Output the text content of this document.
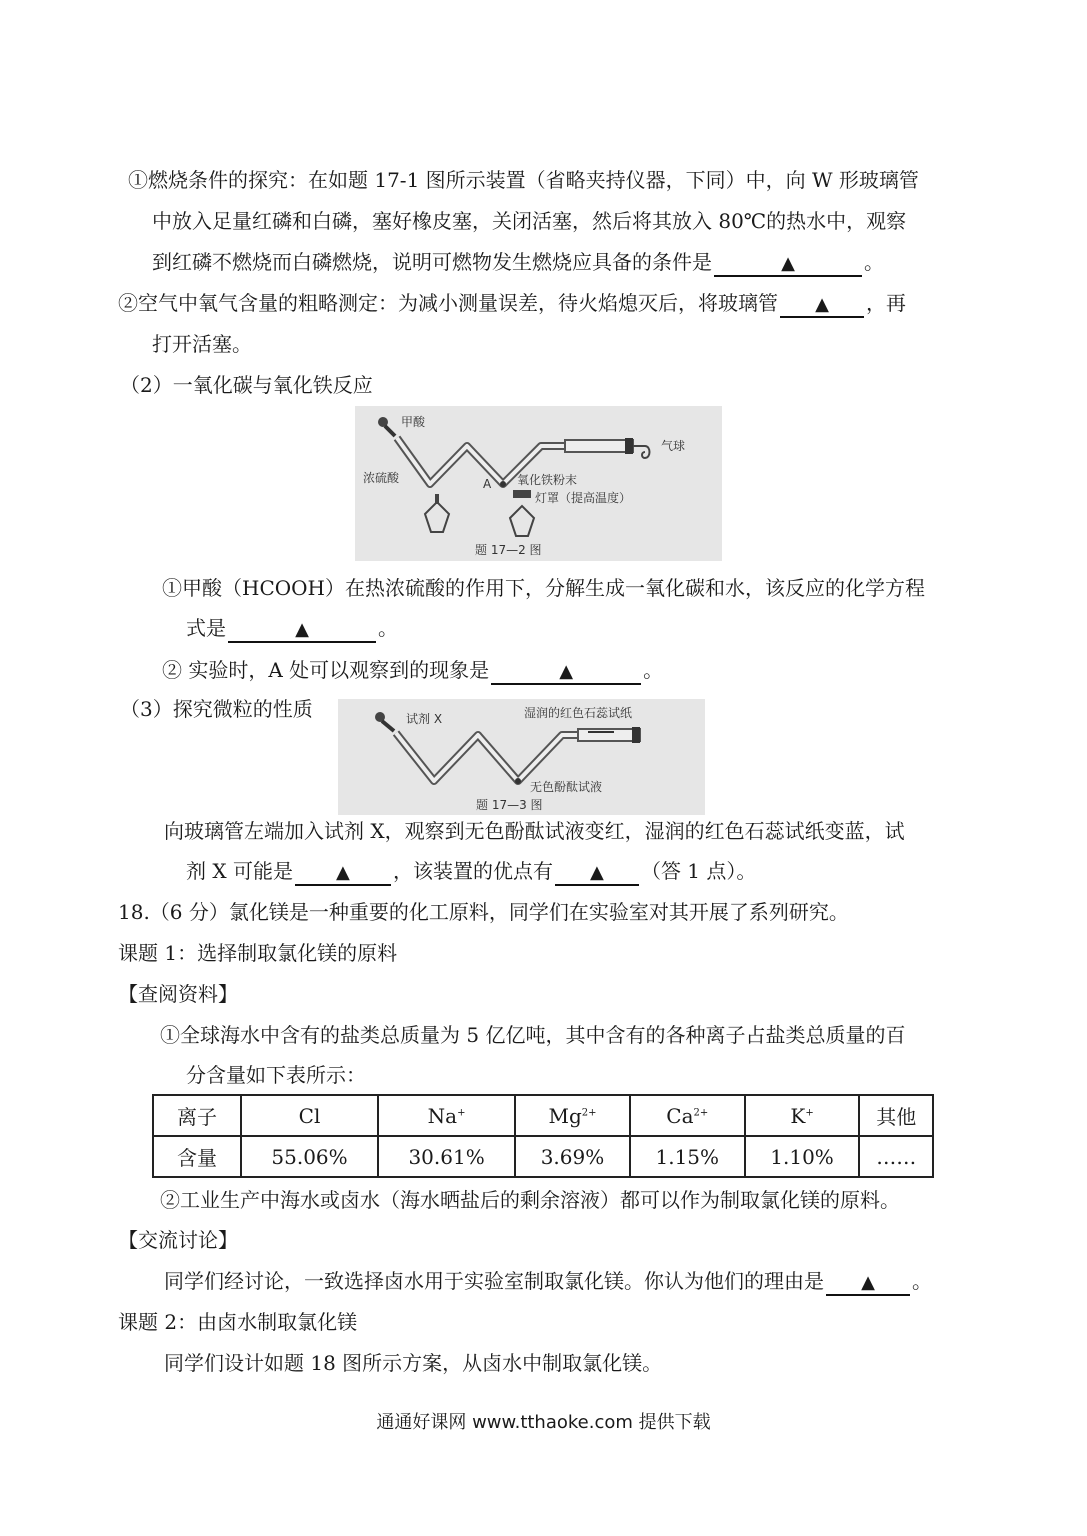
①燃烧条件的探究：在如题 17-1 图所示装置（省略夹持仪器，下同）中，向 W 形玻璃管
中放入足量红磷和白磷，塞好橡皮塞，关闭活塞，然后将其放入 80℃的热水中，观察
到红磷不燃烧而白磷燃烧，说明可燃物发生燃烧应具备的条件是	▲	。
②空气中氧气含量的粗略测定：为减小测量误差，待火焰熄灭后，将玻璃管 ▲ ，再
打开活塞。
（2）一氧化碳与氧化铁反应
甲酸
浓硫酸	A 氧化铁粉末
灯罩（提高温度）
气球
题 17—2 图
①甲酸（HCOOH）在热浓硫酸的作用下，分解生成一氧化碳和水，该反应的化学方程
式是	▲	。
② 实验时，A 处可以观察到的现象是	▲	。
（3）探究微粒的性质	试剂 X	湿润的红色石蕊试纸
无色酚酞试液
题 17—3 图
向玻璃管左端加入试剂 X，观察到无色酚酞试液变红，湿润的红色石蕊试纸变蓝，试
剂 X 可能是 ▲ ，该装置的优点有 ▲ （答 1 点）。
18.（6 分）氯化镁是一种重要的化工原料，同学们在实验室对其开展了系列研究。
课题 1：选择制取氯化镁的原料
【查阅资料】
①全球海水中含有的盐类总质量为 5 亿亿吨，其中含有的各种离子占盐类总质量的百
分含量如下表所示：
离子	Cl	Na+	$Mg^{2+}$	$Ca^{2+}$	K+	其他
含量	55.06%	30.61%	3.69%	1.15%	1.10%	……
②工业生产中海水或卤水（海水晒盐后的剩余溶液）都可以作为制取氯化镁的原料。
【交流讨论】
同学们经讨论，一致选择卤水用于实验室制取氯化镁。你认为他们的理由是 ▲ 。
课题 2：由卤水制取氯化镁
同学们设计如题 18 图所示方案，从卤水中制取氯化镁。
通通好课网 www.tthaoke.com 提供下载
